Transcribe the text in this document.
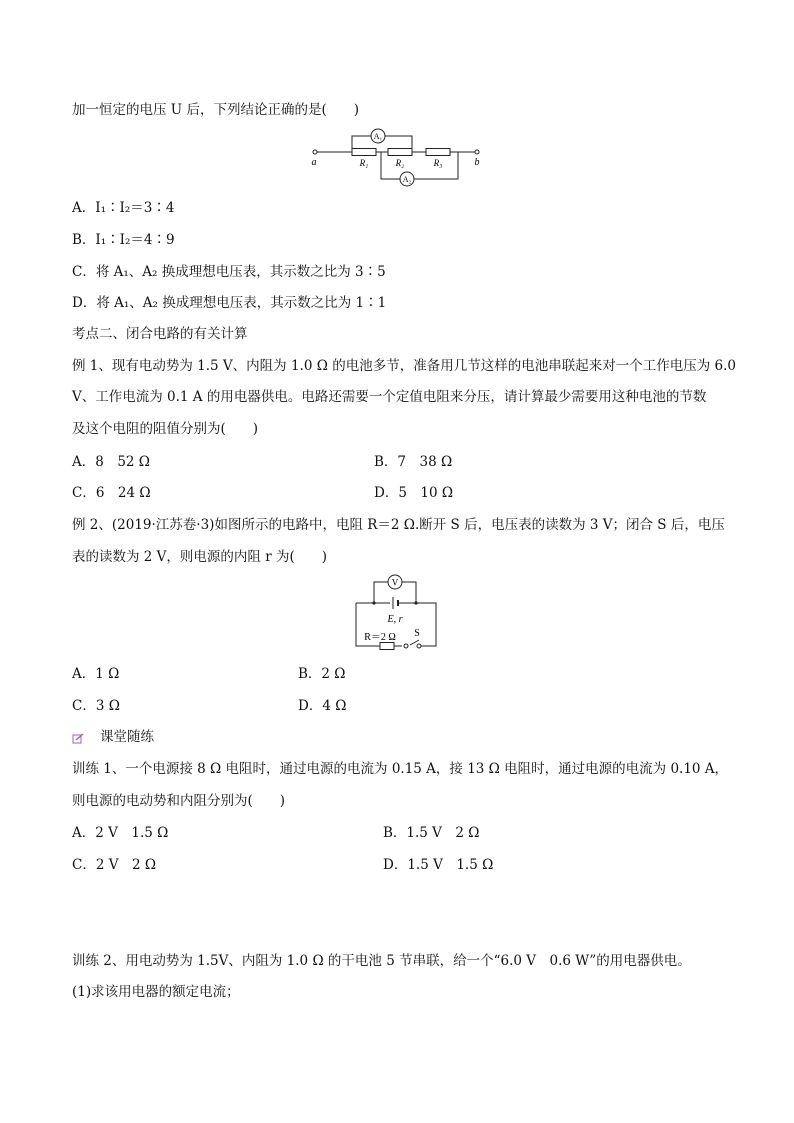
加一恒定的电压 U 后，下列结论正确的是(　　)
a	b
A₁
A₂
R₁	R₂	R₃
A．I₁∶I₂＝3∶4
B．I₁∶I₂＝4∶9
C．将 A₁、A₂ 换成理想电压表，其示数之比为 3∶5
D．将 A₁、A₂ 换成理想电压表，其示数之比为 1∶1
考点二、闭合电路的有关计算
例 1、现有电动势为 1.5 V、内阻为 1.0 Ω 的电池多节，准备用几节这样的电池串联起来对一个工作电压为 6.0
V、工作电流为 0.1 A 的用电器供电。电路还需要一个定值电阻来分压，请计算最少需要用这种电池的节数
及这个电阻的阻值分别为(　　)
A．8　52 Ω	B．7　38 Ω
C．6　24 Ω	D．5　10 Ω
例 2、(2019·江苏卷·3)如图所示的电路中，电阻 R＝2 Ω.断开 S 后，电压表的读数为 3 V；闭合 S 后，电压
表的读数为 2 V，则电源的内阻 r 为(　　)
V
E, r
R＝2 Ω S
A．1 Ω	B．2 Ω
C．3 Ω	D．4 Ω
课堂随练
训练 1、一个电源接 8 Ω 电阻时，通过电源的电流为 0.15 A，接 13 Ω 电阻时，通过电源的电流为 0.10 A，
则电源的电动势和内阻分别为(　　)
A．2 V　1.5 Ω	B．1.5 V　2 Ω
C．2 V　2 Ω	D．1.5 V　1.5 Ω
训练 2、用电动势为 1.5V、内阻为 1.0 Ω 的干电池 5 节串联，给一个“6.0 V　0.6 W”的用电器供电。
(1)求该用电器的额定电流；
